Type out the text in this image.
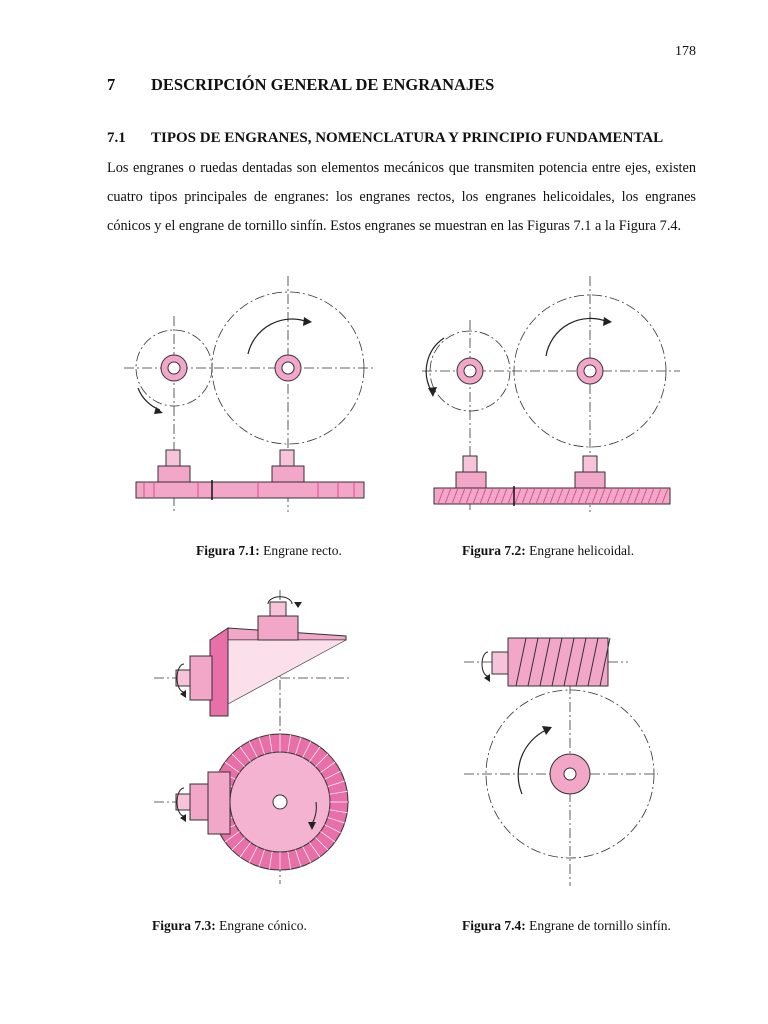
178
7 DESCRIPCIÓN GENERAL DE ENGRANAJES
7.1 TIPOS DE ENGRANES, NOMENCLATURA Y PRINCIPIO FUNDAMENTAL
Los engranes o ruedas dentadas son elementos mecánicos que transmiten potencia entre ejes, existen cuatro tipos principales de engranes: los engranes rectos, los engranes helicoidales, los engranes cónicos y el engrane de tornillo sinfín. Estos engranes se muestran en las Figuras 7.1 a la Figura 7.4.
Figura 7.1: Engrane recto.	Figura 7.2: Engrane helicoidal.
Figura 7.3: Engrane cónico.	Figura 7.4: Engrane de tornillo sinfín.
